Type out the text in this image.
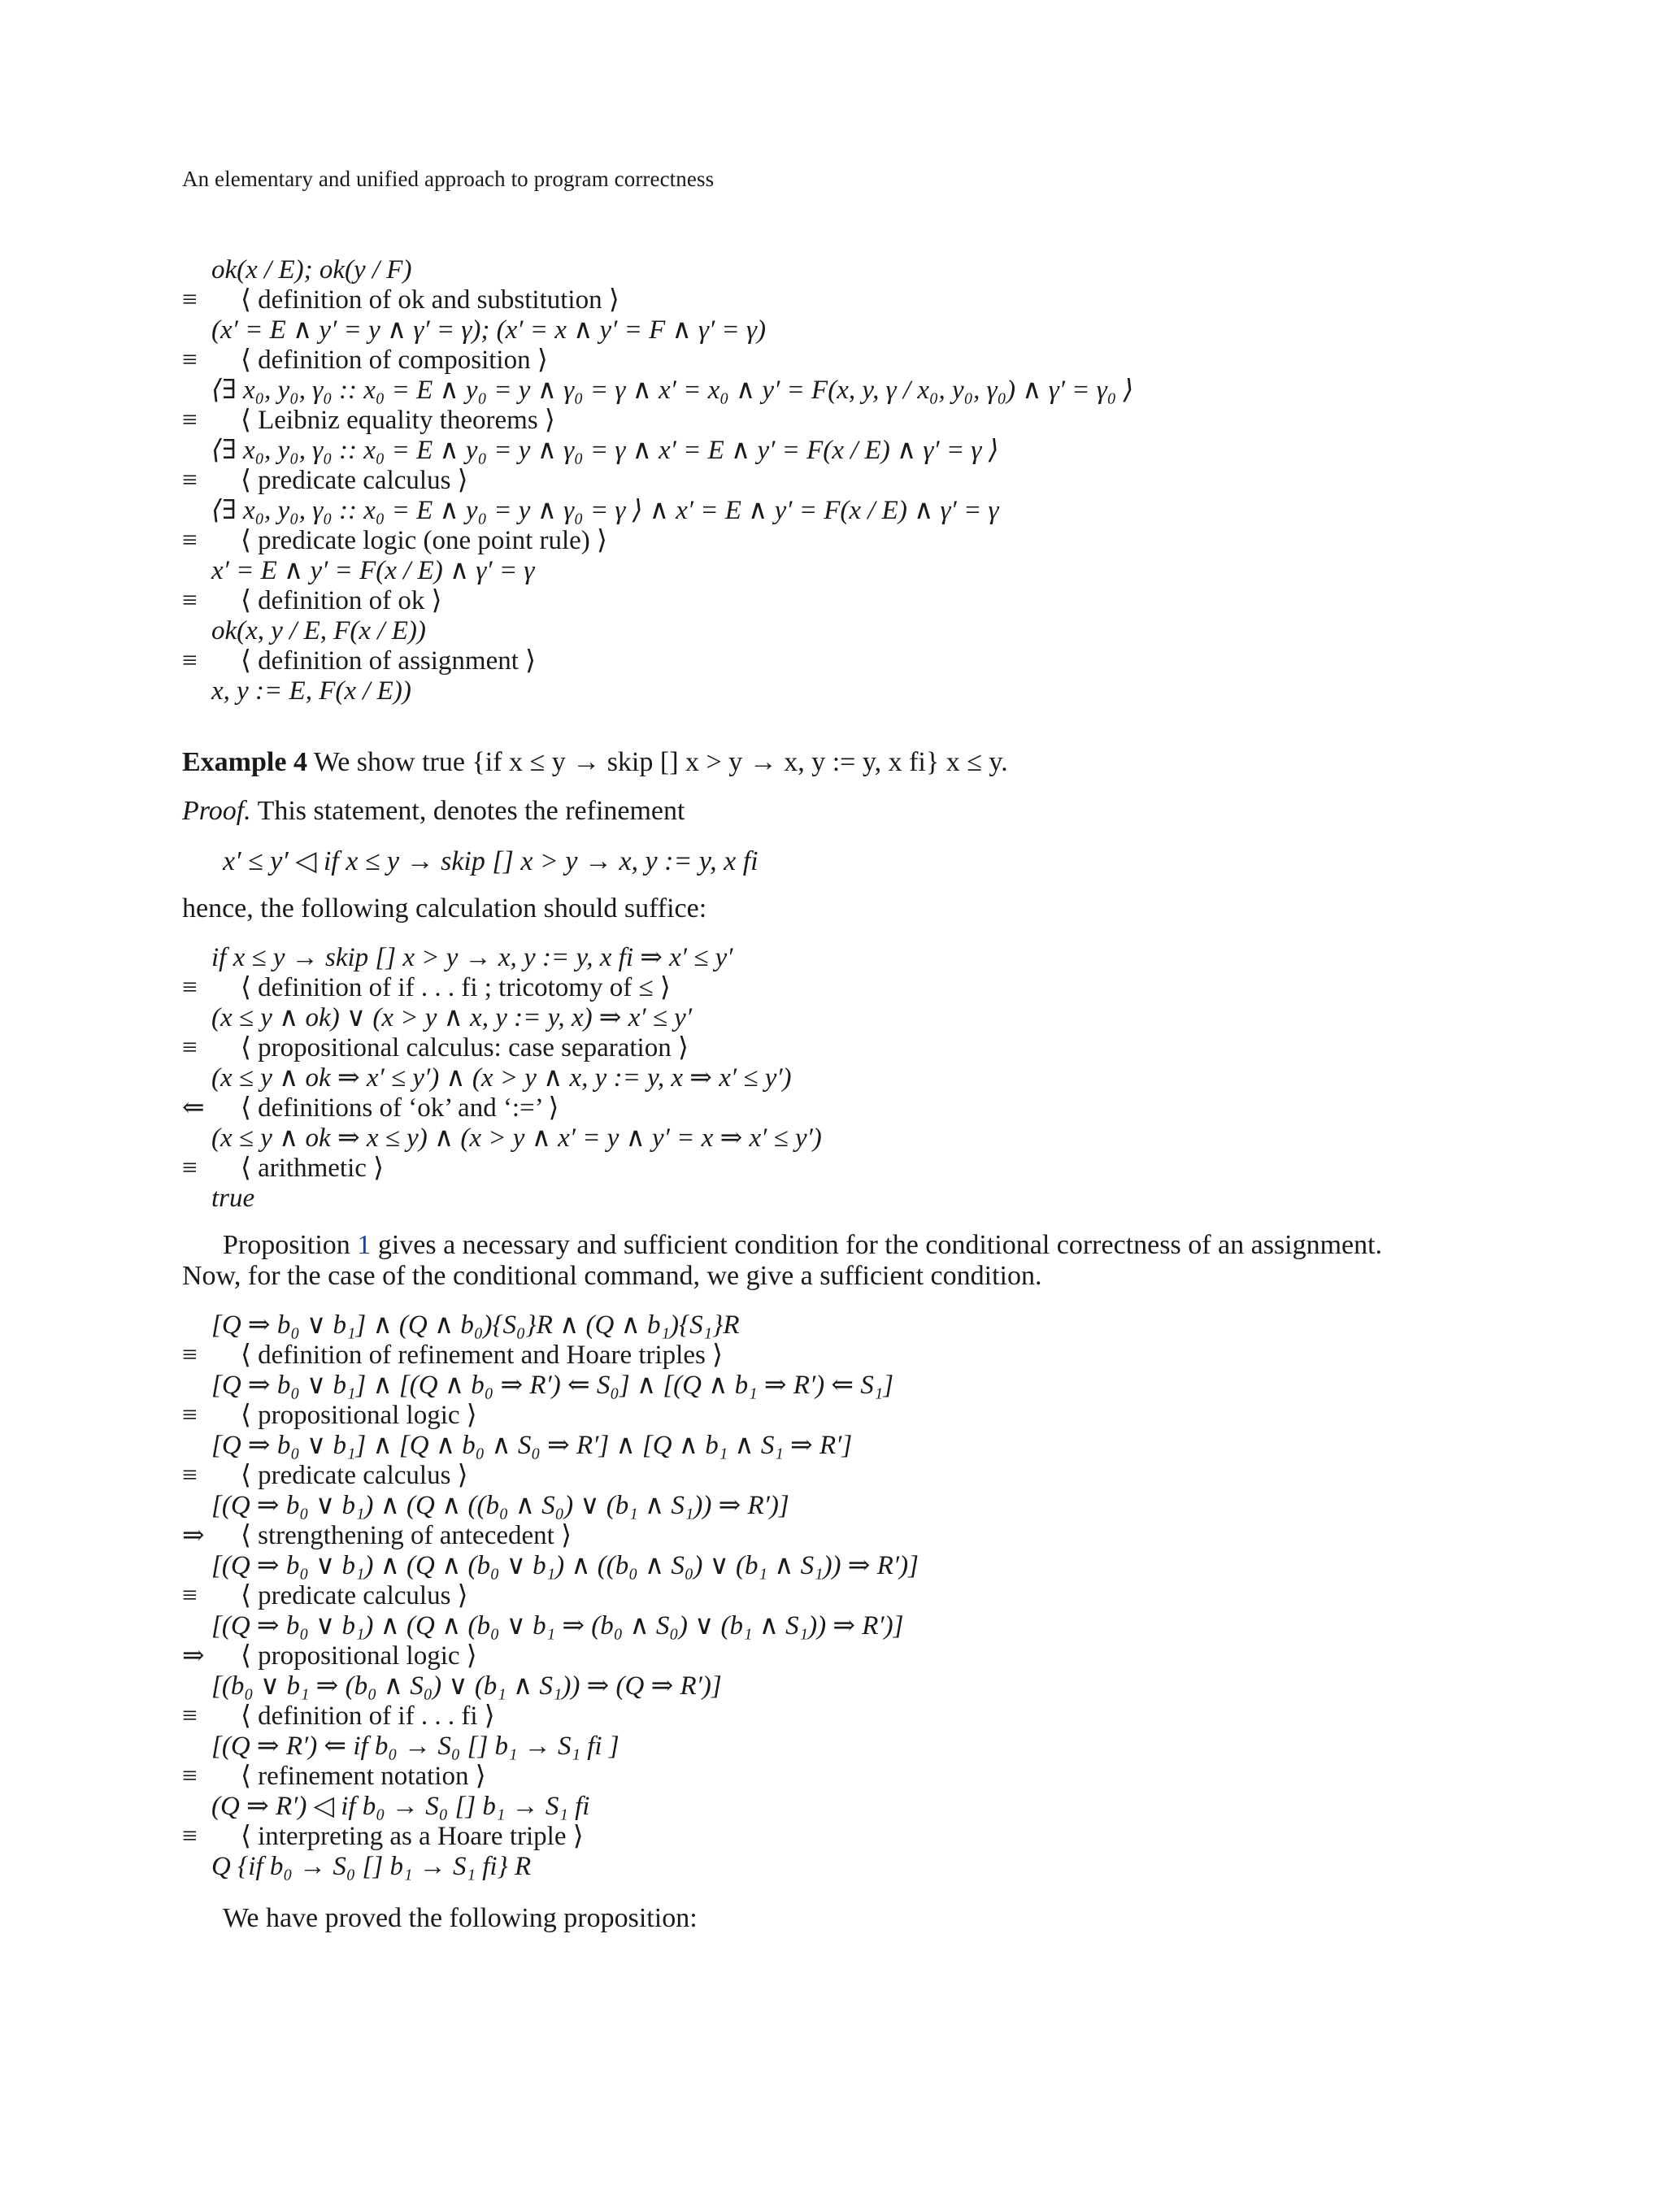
An elementary and unified approach to program correctness
ok(x / E); ok(y / F)
≡	⟨ definition of ok and substitution ⟩
(x′ = E ∧ y′ = y ∧ γ′ = γ); (x′ = x ∧ y′ = F ∧ γ′ = γ)
≡	⟨ definition of composition ⟩
⟨∃ x₀, y₀, γ₀ :: x₀ = E ∧ y₀ = y ∧ γ₀ = γ ∧ x′ = x₀ ∧ y′ = F(x, y, γ / x₀, y₀, γ₀) ∧ γ′ = γ₀ ⟩
≡	⟨ Leibniz equality theorems ⟩
⟨∃ x₀, y₀, γ₀ :: x₀ = E ∧ y₀ = y ∧ γ₀ = γ ∧ x′ = E ∧ y′ = F(x / E) ∧ γ′ = γ ⟩
≡	⟨ predicate calculus ⟩
⟨∃ x₀, y₀, γ₀ :: x₀ = E ∧ y₀ = y ∧ γ₀ = γ ⟩ ∧ x′ = E ∧ y′ = F(x / E) ∧ γ′ = γ
≡	⟨ predicate logic (one point rule) ⟩
x′ = E ∧ y′ = F(x / E) ∧ γ′ = γ
≡	⟨ definition of ok ⟩
ok(x, y / E, F(x / E))
≡	⟨ definition of assignment ⟩
x, y := E, F(x / E))
Example 4 We show true {if x ≤ y → skip [] x > y → x, y := y, x fi} x ≤ y.
Proof. This statement, denotes the refinement
x′ ≤ y′ ◁ if x ≤ y → skip [] x > y → x, y := y, x fi
hence, the following calculation should suffice:
if x ≤ y → skip [] x > y → x, y := y, x fi ⇒ x′ ≤ y′
≡	⟨ definition of if . . . fi ; tricotomy of ≤ ⟩
(x ≤ y ∧ ok) ∨ (x > y ∧ x, y := y, x) ⇒ x′ ≤ y′
≡	⟨ propositional calculus: case separation ⟩
(x ≤ y ∧ ok ⇒ x′ ≤ y′) ∧ (x > y ∧ x, y := y, x ⇒ x′ ≤ y′)
⇐	⟨ definitions of ‘ok’ and ‘:=’ ⟩
(x ≤ y ∧ ok ⇒ x ≤ y) ∧ (x > y ∧ x′ = y ∧ y′ = x ⇒ x′ ≤ y′)
≡	⟨ arithmetic ⟩
true
Proposition 1 gives a necessary and sufficient condition for the conditional correctness of an assignment.
Now, for the case of the conditional command, we give a sufficient condition.
[Q ⇒ b₀ ∨ b₁] ∧ (Q ∧ b₀){S₀}R ∧ (Q ∧ b₁){S₁}R
≡	⟨ definition of refinement and Hoare triples ⟩
[Q ⇒ b₀ ∨ b₁] ∧ [(Q ∧ b₀ ⇒ R′) ⇐ S₀] ∧ [(Q ∧ b₁ ⇒ R′) ⇐ S₁]
≡	⟨ propositional logic ⟩
[Q ⇒ b₀ ∨ b₁] ∧ [Q ∧ b₀ ∧ S₀ ⇒ R′] ∧ [Q ∧ b₁ ∧ S₁ ⇒ R′]
≡	⟨ predicate calculus ⟩
[(Q ⇒ b₀ ∨ b₁) ∧ (Q ∧ ((b₀ ∧ S₀) ∨ (b₁ ∧ S₁)) ⇒ R′)]
⇒	⟨ strengthening of antecedent ⟩
[(Q ⇒ b₀ ∨ b₁) ∧ (Q ∧ (b₀ ∨ b₁) ∧ ((b₀ ∧ S₀) ∨ (b₁ ∧ S₁)) ⇒ R′)]
≡	⟨ predicate calculus ⟩
[(Q ⇒ b₀ ∨ b₁) ∧ (Q ∧ (b₀ ∨ b₁ ⇒ (b₀ ∧ S₀) ∨ (b₁ ∧ S₁)) ⇒ R′)]
⇒	⟨ propositional logic ⟩
[(b₀ ∨ b₁ ⇒ (b₀ ∧ S₀) ∨ (b₁ ∧ S₁)) ⇒ (Q ⇒ R′)]
≡	⟨ definition of if . . . fi ⟩
[(Q ⇒ R′) ⇐ if b₀ → S₀ [] b₁ → S₁ fi ]
≡	⟨ refinement notation ⟩
(Q ⇒ R′) ◁ if b₀ → S₀ [] b₁ → S₁ fi
≡	⟨ interpreting as a Hoare triple ⟩
Q {if b₀ → S₀ [] b₁ → S₁ fi} R
We have proved the following proposition:
